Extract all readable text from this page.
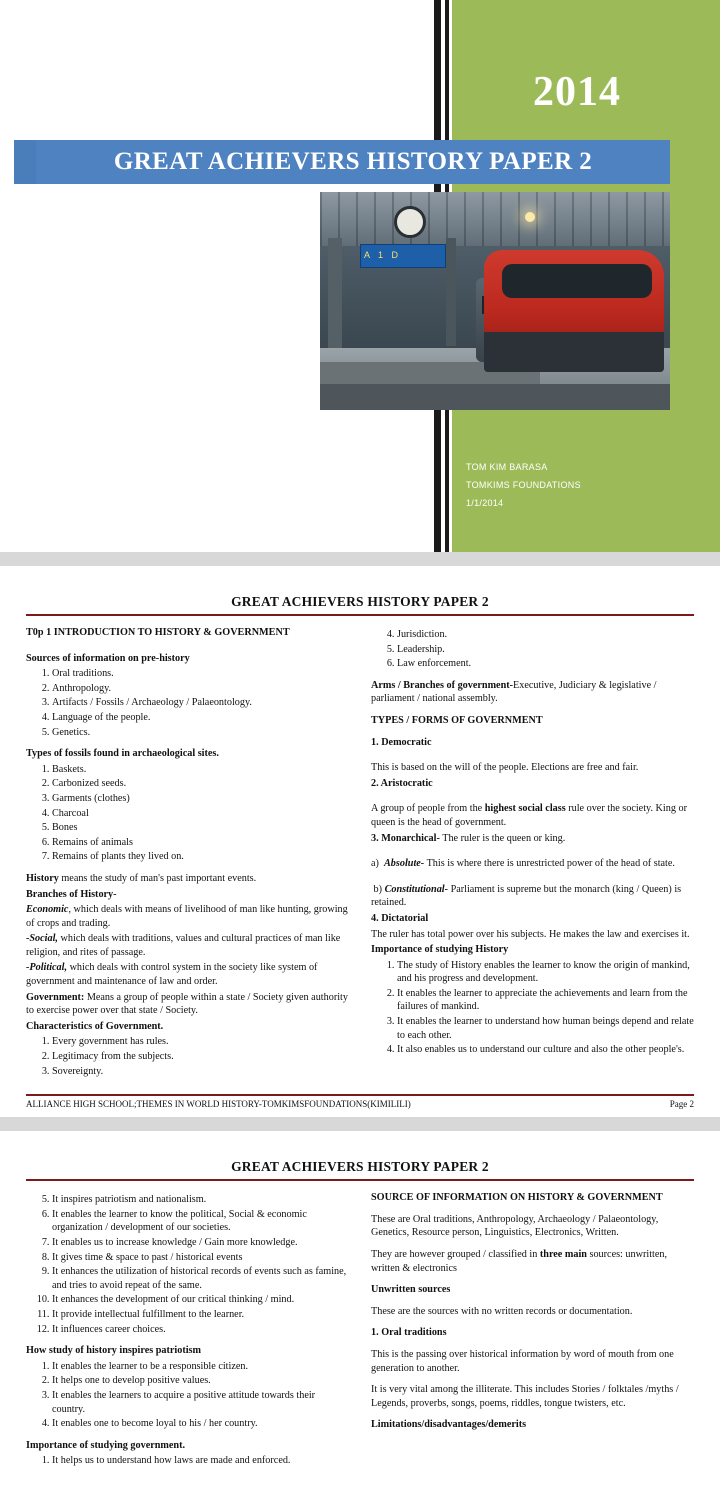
2014
GREAT ACHIEVERS HISTORY PAPER 2
A 1 D
TOM KIM BARASA
TOMKIMS FOUNDATIONS
1/1/2014
GREAT ACHIEVERS HISTORY PAPER 2

T0p 1 INTRODUCTION TO HISTORY & GOVERNMENT

Sources of information on pre-history

1. Oral traditions.
2. Anthropology.
3. Artifacts / Fossils / Archaeology / Palaeontology.
4. Language of the people.
5. Genetics.

Types of fossils found in archaeological sites.

1. Baskets.
2. Carbonized seeds.
3. Garments (clothes)
4. Charcoal
5. Bones
6. Remains of animals
7. Remains of plants they lived on.

History means the study of man's past important events.

Branches of History-

Economic, which deals with means of livelihood of man like hunting, growing of crops and trading.

-Social, which deals with traditions, values and cultural practices of man like religion, and rites of passage.

-Political, which deals with control system in the society like system of government and maintenance of law and order.

Government: Means a group of people within a state / Society given authority to exercise power over that state / Society.

Characteristics of Government.

1. Every government has rules.
2. Legitimacy from the subjects.
3. Sovereignty.
4. Jurisdiction.
5. Leadership.
6. Law enforcement.

Arms / Branches of government-Executive, Judiciary & legislative / parliament / national assembly.

TYPES / FORMS OF GOVERNMENT

1. Democratic

This is based on the will of the people. Elections are free and fair.

2. Aristocratic

A group of people from the highest social class rule over the society. King or queen is the head of government.

3. Monarchical- The ruler is the queen or king.

a)  Absolute- This is where there is unrestricted power of the head of state.

b) Constitutional- Parliament is supreme but the monarch (king / Queen) is retained.

4. Dictatorial

The ruler has total power over his subjects. He makes the law and exercises it.

Importance of studying History

1. The study of History enables the learner to know the origin of mankind, and his progress and development.
2. It enables the learner to appreciate the achievements and learn from the failures of mankind.
3. It enables the learner to understand how human beings depend and relate to each other.
4. It also enables us to understand our culture and also the other people's.
ALLIANCE HIGH SCHOOL;THEMES IN WORLD HISTORY-TOMKIMSFOUNDATIONS(KIMILILI)	Page 2
GREAT ACHIEVERS HISTORY PAPER 2
5. It inspires patriotism and nationalism.
6. It enables the learner to know the political, Social & economic organization / development of our societies.
7. It enables us to increase knowledge / Gain more knowledge.
8. It gives time & space to past / historical events
9. It enhances the utilization of historical records of events such as famine, and tries to avoid repeat of the same.
10. It enhances the development of our critical thinking / mind.
11. It provide intellectual fulfillment to the learner.
12. It influences career choices.

How study of history inspires patriotism

1. It enables the learner to be a responsible citizen.
2. It helps one to develop positive values.
3. It enables the learners to acquire a positive attitude towards their country.
4. It enables one to become loyal to his / her country.

Importance of studying government.

1. It helps us to understand how laws are made and enforced.

SOURCE OF INFORMATION ON HISTORY & GOVERNMENT

These are Oral traditions, Anthropology, Archaeology / Palaeontology, Genetics, Resource person, Linguistics, Electronics, Written.

They are however grouped / classified in three main sources: unwritten, written & electronics

Unwritten sources

These are the sources with no written records or documentation.

1. Oral traditions

This is the passing over historical information by word of mouth from one generation to another.

It is very vital among the illiterate. This includes Stories / folktales /myths / Legends, proverbs, songs, poems, riddles, tongue twisters, etc.

Limitations/disadvantages/demerits
